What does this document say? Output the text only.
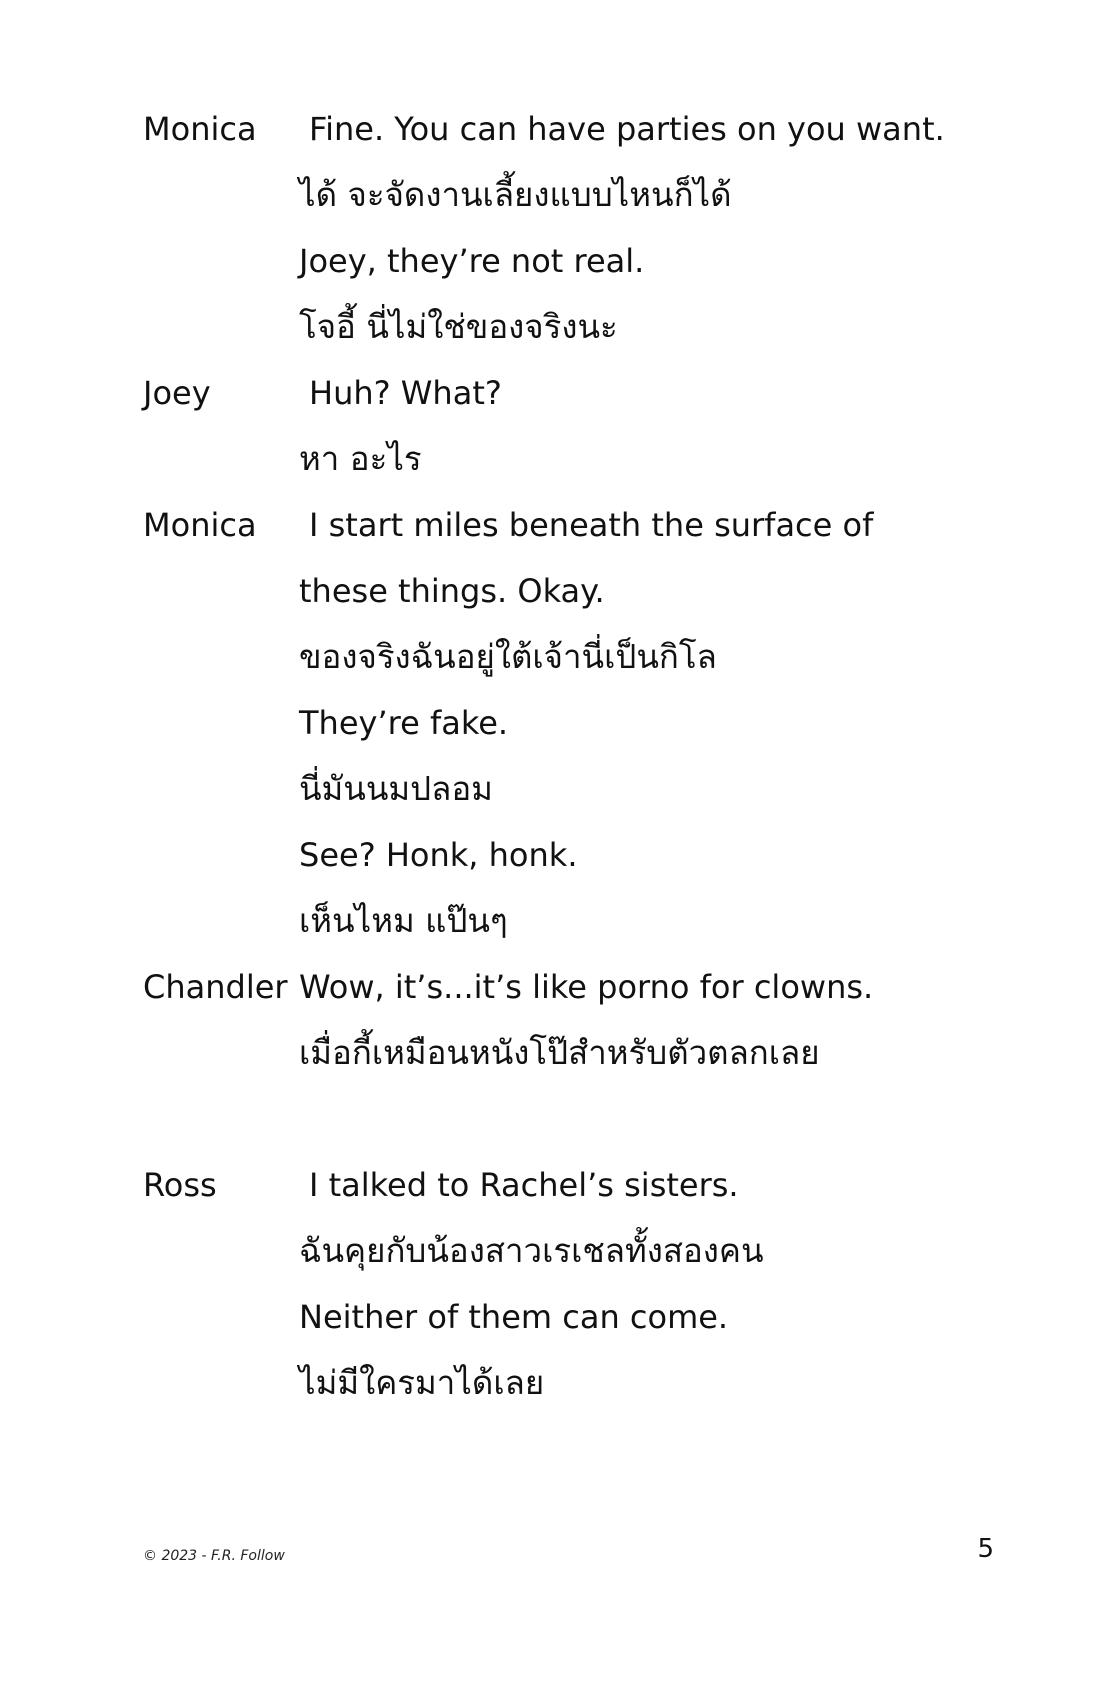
Monica	Fine. You can have parties on you want.
ได้ จะจัดงานเลี้ยงแบบไหนก็ได้
Joey, they’re not real.
โจอี้ นี่ไม่ใช่ของจริงนะ
Joey	Huh? What?
หา อะไร
Monica	I start miles beneath the surface of
these things. Okay.
ของจริงฉันอยู่ใต้เจ้านี่เป็นกิโล
They’re fake.
นี่มันนมปลอม
See? Honk, honk.
เห็นไหม แป๊นๆ
Chandler Wow, it’s...it’s like porno for clowns.
เมื่อกี้เหมือนหนังโป๊สำหรับตัวตลกเลย
Ross	I talked to Rachel’s sisters.
ฉันคุยกับน้องสาวเรเชลทั้งสองคน
Neither of them can come.
ไม่มีใครมาได้เลย
© 2023 - F.R. Follow	5
